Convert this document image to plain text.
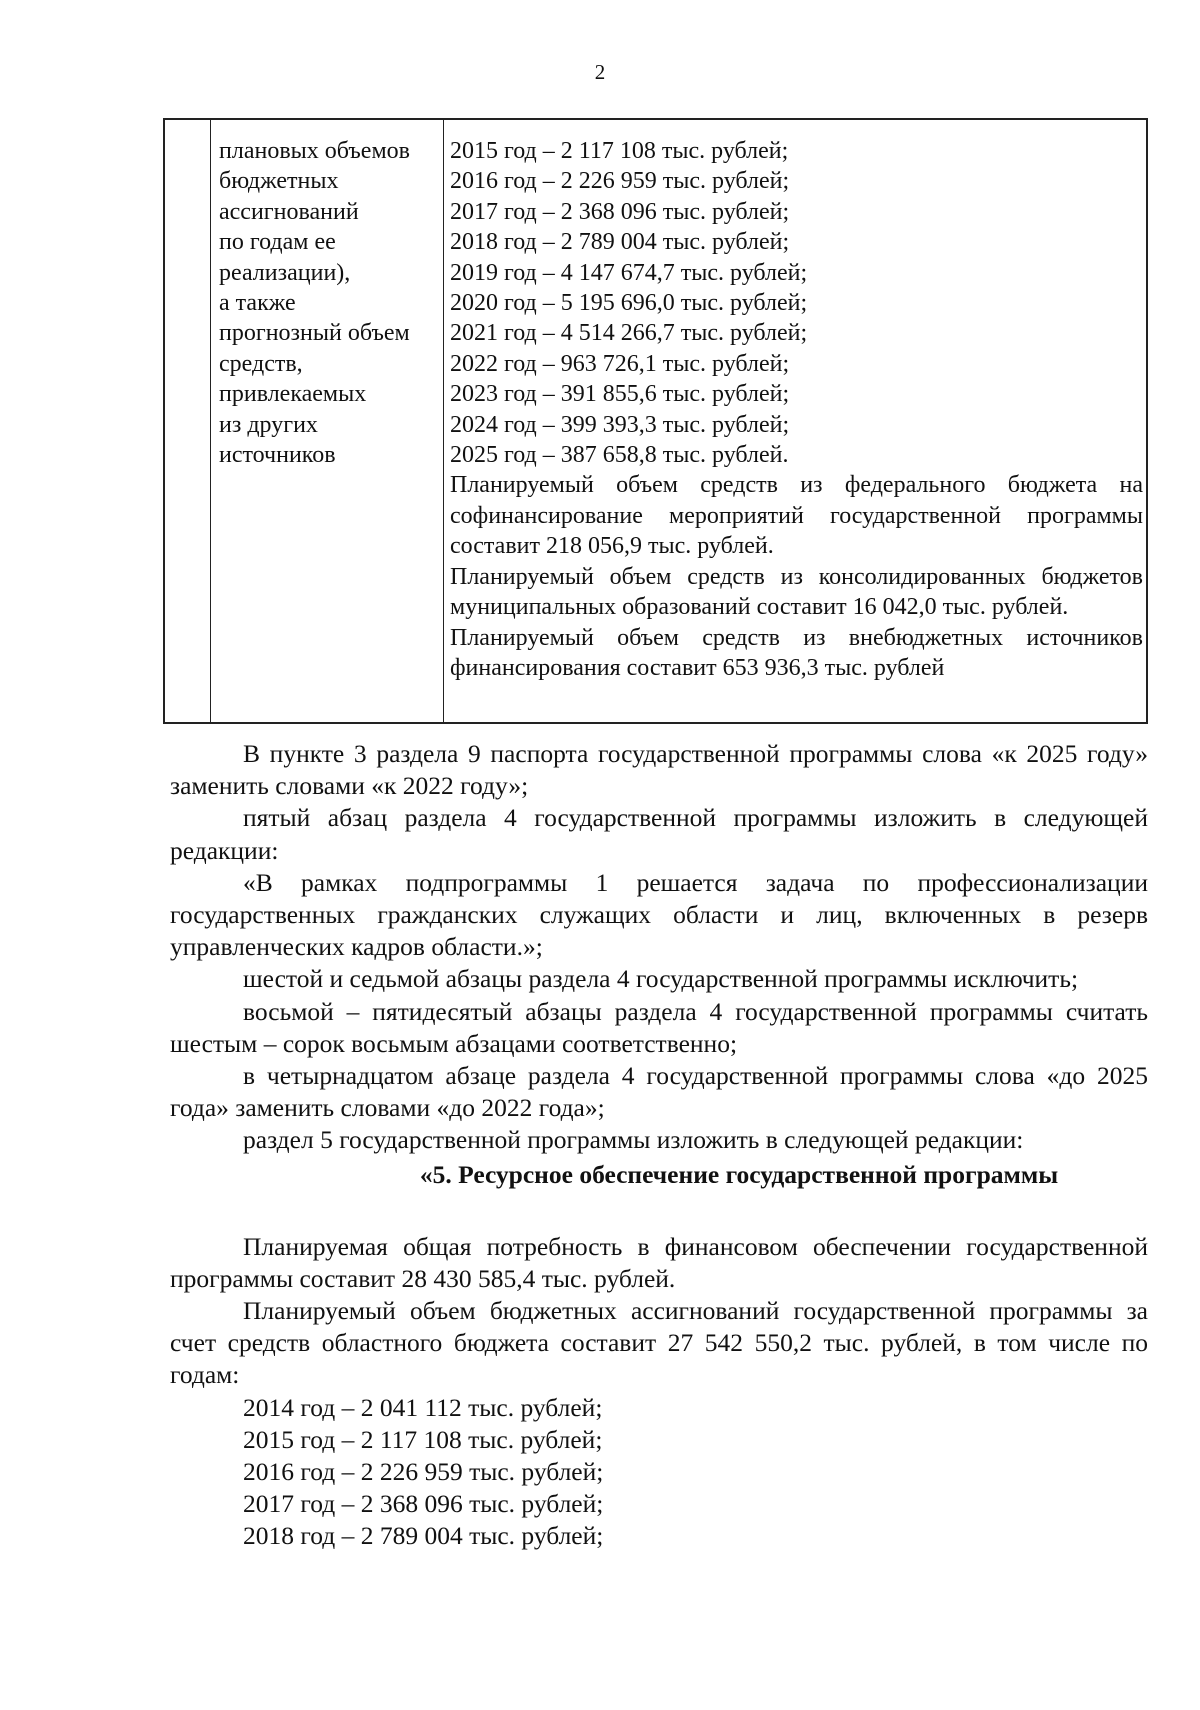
2
плановых объемов
бюджетных
ассигнований
по годам ее
реализации),
а также
прогнозный объем
средств,
привлекаемых
из других
источников
2015 год – 2 117 108 тыс. рублей;
2016 год – 2 226 959 тыс. рублей;
2017 год – 2 368 096 тыс. рублей;
2018 год – 2 789 004 тыс. рублей;
2019 год – 4 147 674,7 тыс. рублей;
2020 год – 5 195 696,0 тыс. рублей;
2021 год – 4 514 266,7 тыс. рублей;
2022 год – 963 726,1 тыс. рублей;
2023 год – 391 855,6 тыс. рублей;
2024 год – 399 393,3 тыс. рублей;
2025 год – 387 658,8 тыс. рублей.
Планируемый объем средств из федерального бюджета на софинансирование мероприятий государственной программы составит 218 056,9 тыс. рублей.
Планируемый объем средств из консолидированных бюджетов муниципальных образований составит 16 042,0 тыс. рублей.
Планируемый объем средств из внебюджетных источников финансирования составит 653 936,3 тыс. рублей

В пункте 3 раздела 9 паспорта государственной программы слова «к 2025 году» заменить словами «к 2022 году»;

пятый абзац раздела 4 государственной программы изложить в следующей редакции:

«В рамках подпрограммы 1 решается задача по профессионализации государственных гражданских служащих области и лиц, включенных в резерв управленческих кадров области.»;

шестой и седьмой абзацы раздела 4 государственной программы исключить;

восьмой – пятидесятый абзацы раздела 4 государственной программы считать шестым – сорок восьмым абзацами соответственно;

в четырнадцатом абзаце раздела 4 государственной программы слова «до 2025 года» заменить словами «до 2022 года»;

раздел 5 государственной программы изложить в следующей редакции:

«5. Ресурсное обеспечение государственной программы

Планируемая общая потребность в финансовом обеспечении государственной программы составит 28 430 585,4 тыс. рублей.

Планируемый объем бюджетных ассигнований государственной программы за счет средств областного бюджета составит 27 542 550,2 тыс. рублей, в том числе по годам:

2014 год – 2 041 112 тыс. рублей;
2015 год – 2 117 108 тыс. рублей;
2016 год – 2 226 959 тыс. рублей;
2017 год – 2 368 096 тыс. рублей;
2018 год – 2 789 004 тыс. рублей;
